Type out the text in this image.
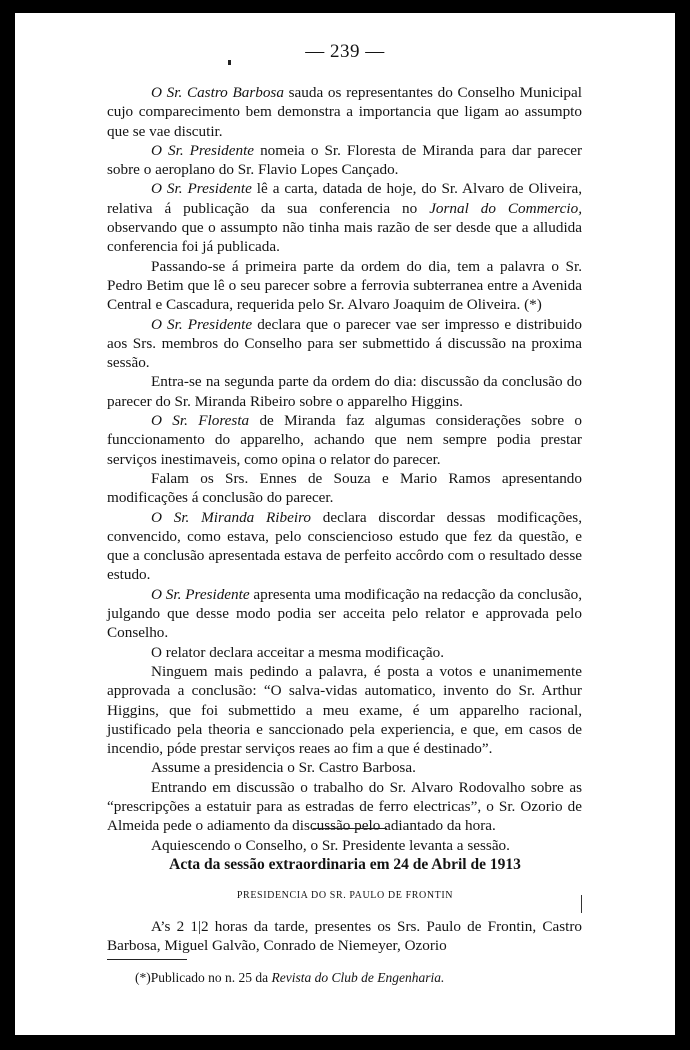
— 239 —

O Sr. Castro Barbosa sauda os representantes do Conselho Municipal cujo comparecimento bem demonstra a importancia que ligam ao assumpto que se vae discutir.

O Sr. Presidente nomeia o Sr. Floresta de Miranda para dar parecer sobre o aeroplano do Sr. Flavio Lopes Cançado.

O Sr. Presidente lê a carta, datada de hoje, do Sr. Alvaro de Oliveira, relativa á publicação da sua conferencia no Jornal do Commercio, observando que o assumpto não tinha mais razão de ser desde que a alludida conferencia foi já publicada.

Passando-se á primeira parte da ordem do dia, tem a palavra o Sr. Pedro Betim que lê o seu parecer sobre a ferrovia subterranea entre a Avenida Central e Cascadura, requerida pelo Sr. Alvaro Joaquim de Oliveira. (*)

O Sr. Presidente declara que o parecer vae ser impresso e distribuido aos Srs. membros do Conselho para ser submettido á discussão na proxima sessão.

Entra-se na segunda parte da ordem do dia: discussão da conclusão do parecer do Sr. Miranda Ribeiro sobre o apparelho Higgins.

O Sr. Floresta de Miranda faz algumas considerações sobre o funccionamento do apparelho, achando que nem sempre podia prestar serviços inestimaveis, como opina o relator do parecer.

Falam os Srs. Ennes de Souza e Mario Ramos apresentando modificações á conclusão do parecer.

O Sr. Miranda Ribeiro declara discordar dessas modificações, convencido, como estava, pelo consciencioso estudo que fez da questão, e que a conclusão apresentada estava de perfeito accôrdo com o resultado desse estudo.

O Sr. Presidente apresenta uma modificação na redacção da conclusão, julgando que desse modo podia ser acceita pelo relator e approvada pelo Conselho.

O relator declara acceitar a mesma modificação.

Ninguem mais pedindo a palavra, é posta a votos e unanimemente approvada a conclusão: “O salva-vidas automatico, invento do Sr. Arthur Higgins, que foi submettido a meu exame, é um apparelho racional, justificado pela theoria e sanccionado pela experiencia, e que, em casos de incendio, póde prestar serviços reaes ao fim a que é destinado”.

Assume a presidencia o Sr. Castro Barbosa.

Entrando em discussão o trabalho do Sr. Alvaro Rodovalho sobre as “prescripções a estatuir para as estradas de ferro electricas”, o Sr. Ozorio de Almeida pede o adiamento da discussão pelo adiantado da hora.

Aquiescendo o Conselho, o Sr. Presidente levanta a sessão.

Acta da sessão extraordinaria em 24 de Abril de 1913
PRESIDENCIA DO SR. PAULO DE FRONTIN

A’s 2 1|2 horas da tarde, presentes os Srs. Paulo de Frontin, Castro Barbosa, Miguel Galvão, Conrado de Niemeyer, Ozorio

(*)Publicado no n. 25 da Revista do Club de Engenharia.
